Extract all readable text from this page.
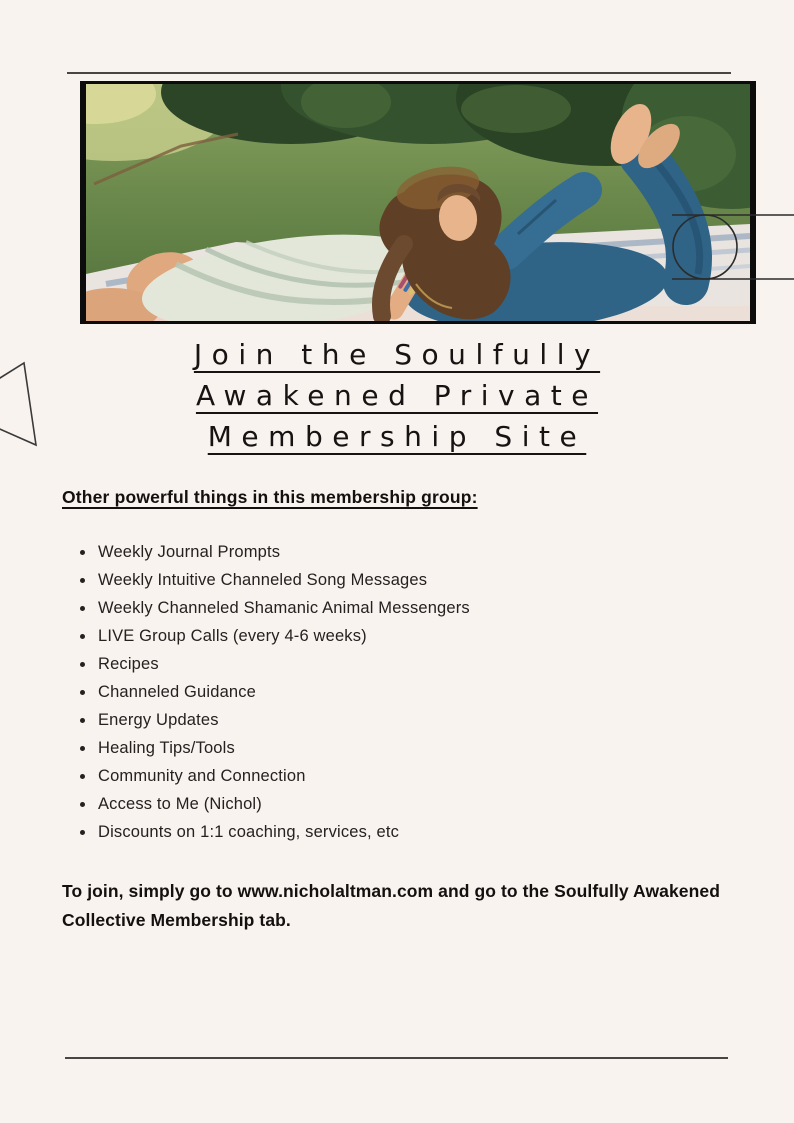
Join the Soulfully
Awakened Private
Membership Site
Other powerful things in this membership group:
• Weekly Journal Prompts
• Weekly Intuitive Channeled Song Messages
• Weekly Channeled Shamanic Animal Messengers
• LIVE Group Calls (every 4-6 weeks)
• Recipes
• Channeled Guidance
• Energy Updates
• Healing Tips/Tools
• Community and Connection
• Access to Me (Nichol)
• Discounts on 1:1 coaching, services, etc
To join, simply go to www.nicholaltman.com and go to the Soulfully Awakened Collective Membership tab.
